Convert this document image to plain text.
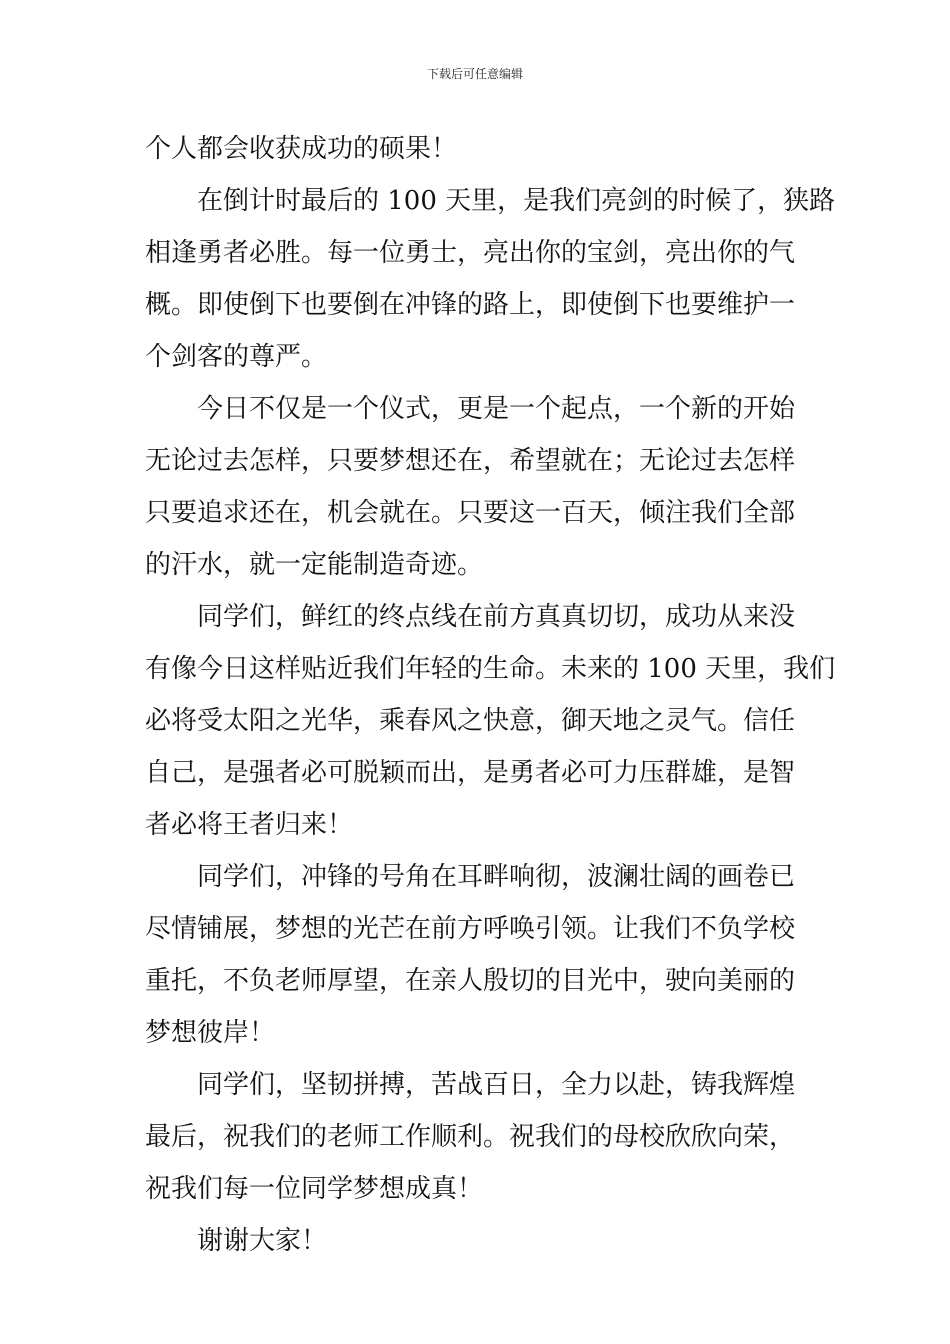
下载后可任意编辑
个人都会收获成功的硕果！
在倒计时最后的 100 天里，是我们亮剑的时候了，狭路
相逢勇者必胜。每一位勇士，亮出你的宝剑，亮出你的气
概。即使倒下也要倒在冲锋的路上，即使倒下也要维护一
个剑客的尊严。
今日不仅是一个仪式，更是一个起点，一个新的开始
无论过去怎样，只要梦想还在，希望就在；无论过去怎样
只要追求还在，机会就在。只要这一百天，倾注我们全部
的汗水，就一定能制造奇迹。
同学们，鲜红的终点线在前方真真切切，成功从来没
有像今日这样贴近我们年轻的生命。未来的 100 天里，我们
必将受太阳之光华，乘春风之快意，御天地之灵气。信任
自己，是强者必可脱颖而出，是勇者必可力压群雄，是智
者必将王者归来！
同学们，冲锋的号角在耳畔响彻，波澜壮阔的画卷已
尽情铺展，梦想的光芒在前方呼唤引领。让我们不负学校
重托，不负老师厚望，在亲人殷切的目光中，驶向美丽的
梦想彼岸！
同学们，坚韧拼搏，苦战百日，全力以赴，铸我辉煌
最后，祝我们的老师工作顺利。祝我们的母校欣欣向荣，
祝我们每一位同学梦想成真！
谢谢大家！
